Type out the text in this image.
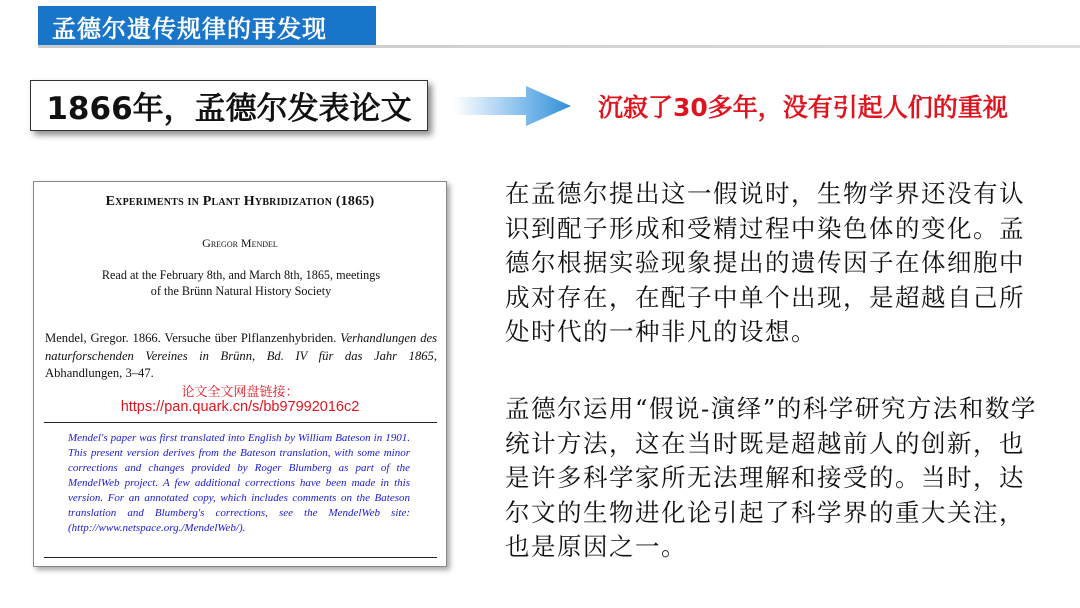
孟德尔遗传规律的再发现
1866年，孟德尔发表论文	沉寂了30多年，没有引起人们的重视
Experiments in Plant Hybridization (1865)
Gregor Mendel
Read at the February 8th, and March 8th, 1865, meetings
of the Brünn Natural History Society
Mendel, Gregor. 1866. Versuche über Plflanzenhybriden. Verhandlungen des naturforschenden Vereines in Brünn, Bd. IV für das Jahr 1865, Abhandlungen, 3–47.
论文全文网盘链接：
https://pan.quark.cn/s/bb97992016c2
Mendel's paper was first translated into English by William Bateson in 1901. This present version derives from the Bateson translation, with some minor corrections and changes provided by Roger Blumberg as part of the MendelWeb project. A few additional corrections have been made in this version. For an annotated copy, which includes comments on the Bateson translation and Blumberg's corrections, see the MendelWeb site: (http://www.netspace.org./MendelWeb/).
在孟德尔提出这一假说时，生物学界还没有认识到配子形成和受精过程中染色体的变化。孟德尔根据实验现象提出的遗传因子在体细胞中成对存在，在配子中单个出现，是超越自己所处时代的一种非凡的设想。
孟德尔运用“假说-演绎”的科学研究方法和数学统计方法，这在当时既是超越前人的创新，也是许多科学家所无法理解和接受的。当时，达尔文的生物进化论引起了科学界的重大关注，也是原因之一。
